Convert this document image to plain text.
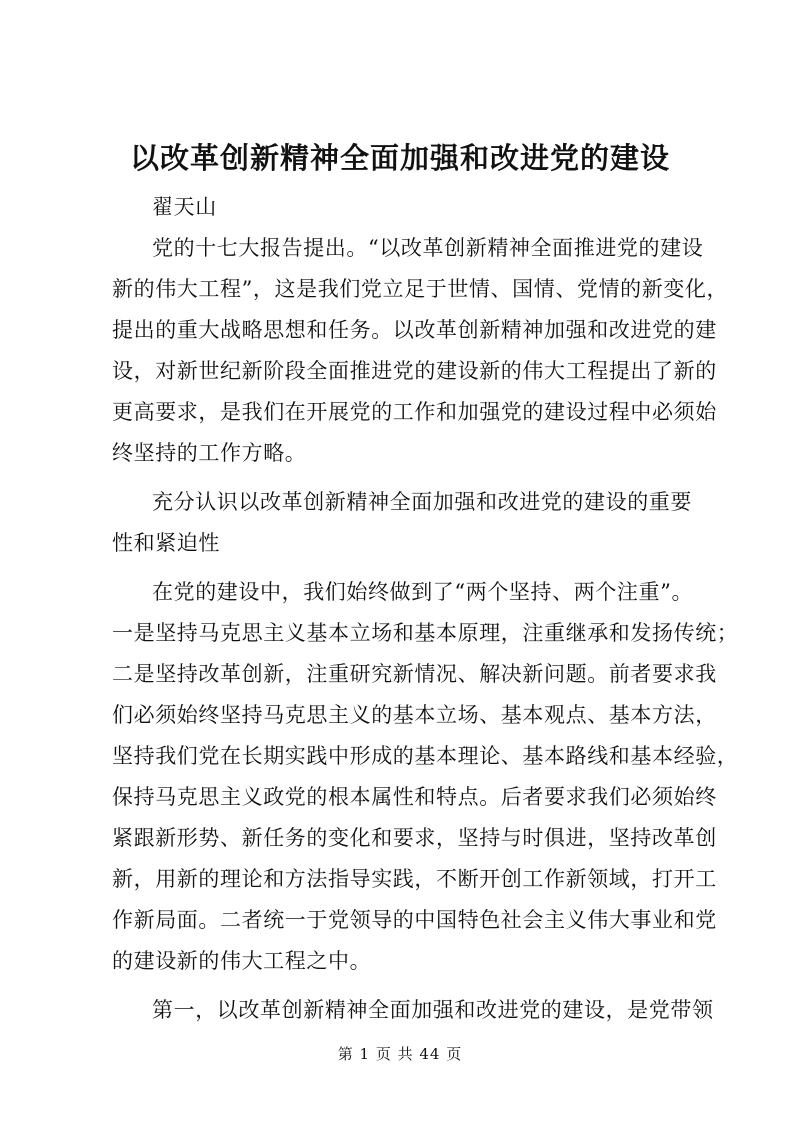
以改革创新精神全面加强和改进党的建设
翟天山
党的十七大报告提出。“以改革创新精神全面推进党的建设
新的伟大工程”，这是我们党立足于世情、国情、党情的新变化，
提出的重大战略思想和任务。以改革创新精神加强和改进党的建
设，对新世纪新阶段全面推进党的建设新的伟大工程提出了新的
更高要求，是我们在开展党的工作和加强党的建设过程中必须始
终坚持的工作方略。
充分认识以改革创新精神全面加强和改进党的建设的重要
性和紧迫性
在党的建设中，我们始终做到了“两个坚持、两个注重”。
一是坚持马克思主义基本立场和基本原理，注重继承和发扬传统；
二是坚持改革创新，注重研究新情况、解决新问题。前者要求我
们必须始终坚持马克思主义的基本立场、基本观点、基本方法，
坚持我们党在长期实践中形成的基本理论、基本路线和基本经验，
保持马克思主义政党的根本属性和特点。后者要求我们必须始终
紧跟新形势、新任务的变化和要求，坚持与时俱进，坚持改革创
新，用新的理论和方法指导实践，不断开创工作新领域，打开工
作新局面。二者统一于党领导的中国特色社会主义伟大事业和党
的建设新的伟大工程之中。
第一，以改革创新精神全面加强和改进党的建设，是党带领
第 1 页 共 44 页
